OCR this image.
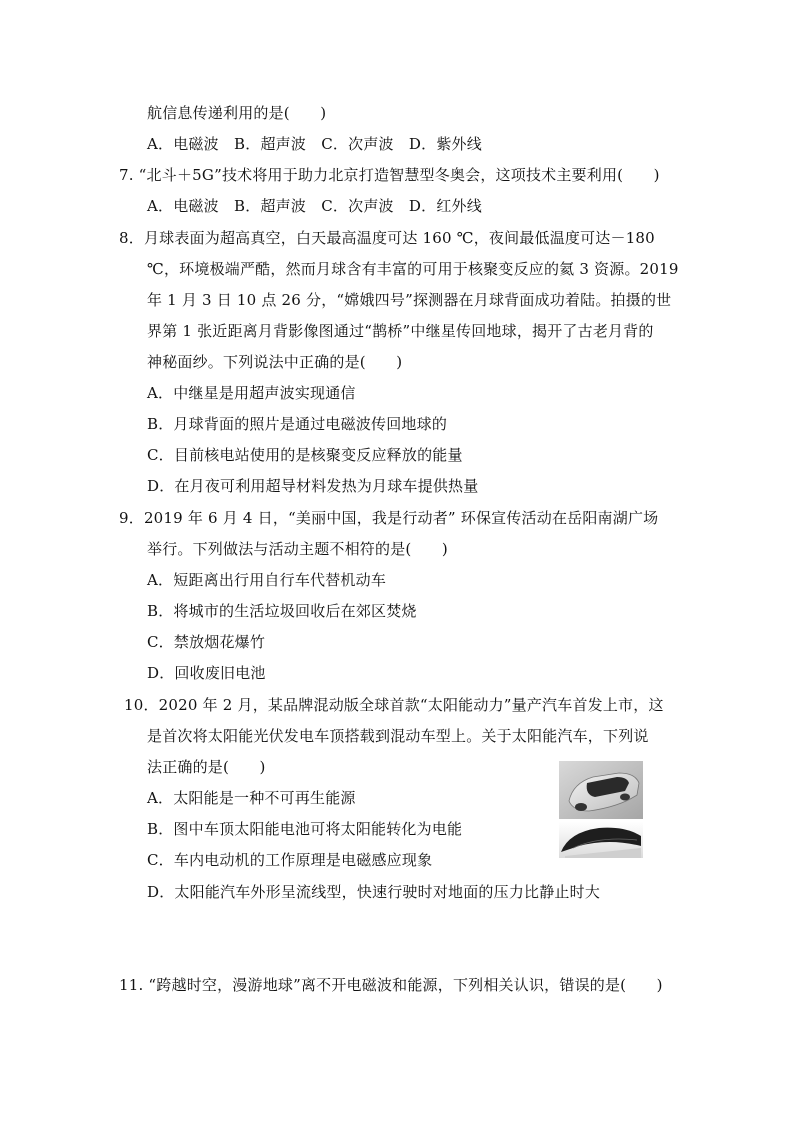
航信息传递利用的是(　　)
A．电磁波　B．超声波　C．次声波　D．紫外线
7. “北斗＋5G”技术将用于助力北京打造智慧型冬奥会，这项技术主要利用(　　)
A．电磁波　B．超声波　C．次声波　D．红外线
8．月球表面为超高真空，白天最高温度可达 160 ℃，夜间最低温度可达－180
℃，环境极端严酷，然而月球含有丰富的可用于核聚变反应的氦 3 资源。2019
年 1 月 3 日 10 点 26 分，“嫦娥四号”探测器在月球背面成功着陆。拍摄的世
界第 1 张近距离月背影像图通过“鹊桥”中继星传回地球，揭开了古老月背的
神秘面纱。下列说法中正确的是(　　)
A．中继星是用超声波实现通信
B．月球背面的照片是通过电磁波传回地球的
C．目前核电站使用的是核聚变反应释放的能量
D．在月夜可利用超导材料发热为月球车提供热量
9．2019 年 6 月 4 日，“美丽中国，我是行动者” 环保宣传活动在岳阳南湖广场
举行。下列做法与活动主题不相符的是(　　)
A．短距离出行用自行车代替机动车
B．将城市的生活垃圾回收后在郊区焚烧
C．禁放烟花爆竹
D．回收废旧电池
10．2020 年 2 月，某品牌混动版全球首款“太阳能动力”量产汽车首发上市，这
是首次将太阳能光伏发电车顶搭载到混动车型上。关于太阳能汽车，下列说
法正确的是(　　)
A．太阳能是一种不可再生能源
B．图中车顶太阳能电池可将太阳能转化为电能
C．车内电动机的工作原理是电磁感应现象
D．太阳能汽车外形呈流线型，快速行驶时对地面的压力比静止时大
11. “跨越时空，漫游地球”离不开电磁波和能源，下列相关认识，错误的是(　　)
